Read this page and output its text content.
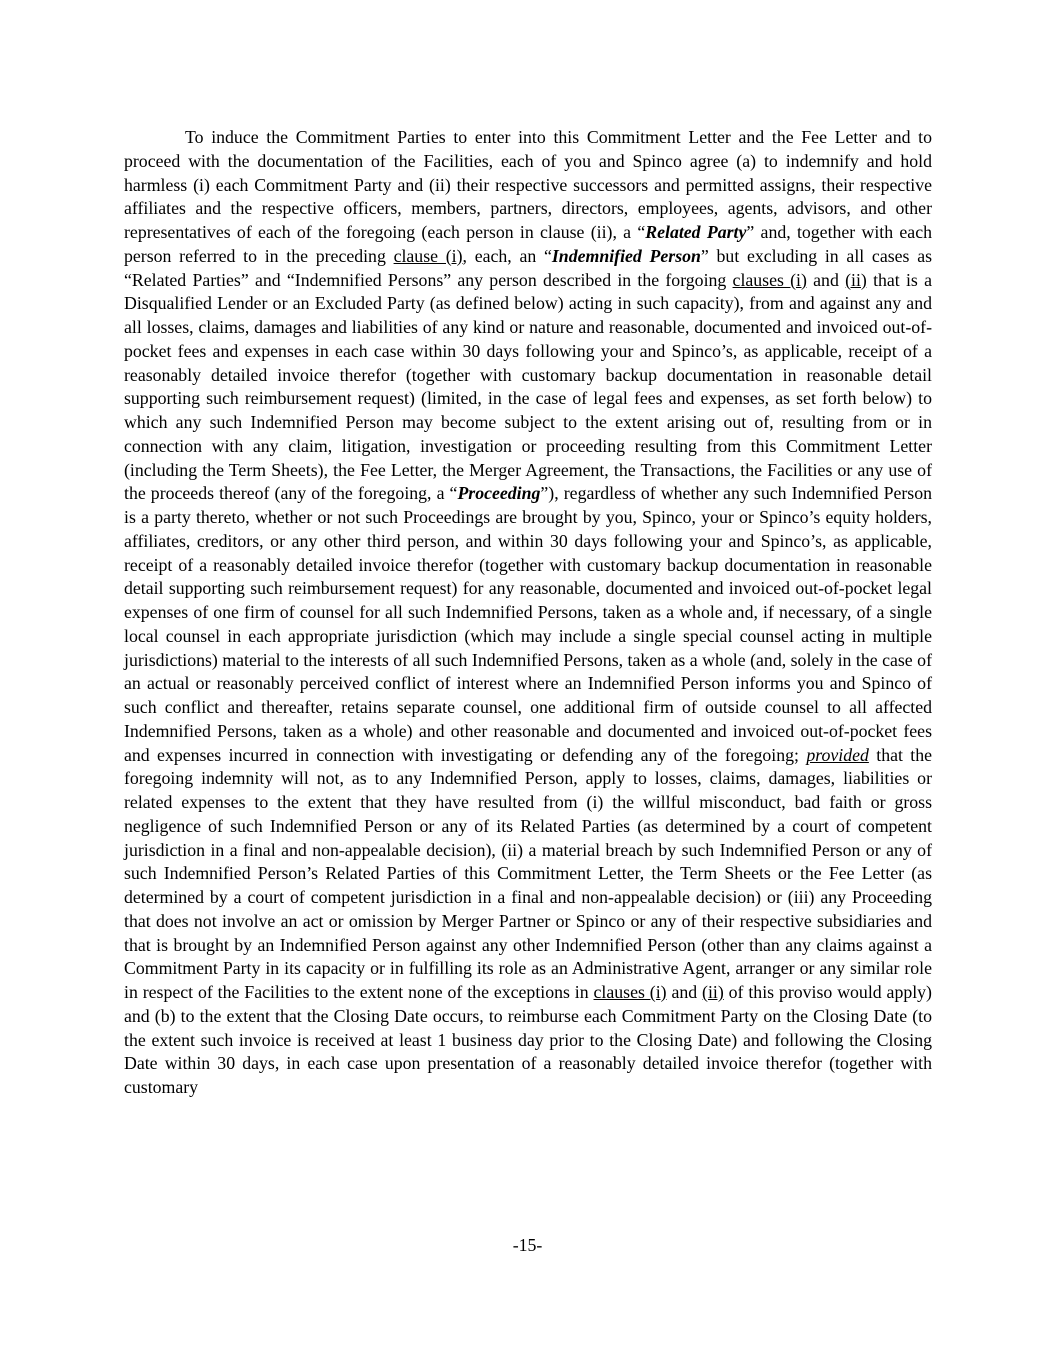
To induce the Commitment Parties to enter into this Commitment Letter and the Fee Letter and to proceed with the documentation of the Facilities, each of you and Spinco agree (a) to indemnify and hold harmless (i) each Commitment Party and (ii) their respective successors and permitted assigns, their respective affiliates and the respective officers, members, partners, directors, employees, agents, advisors, and other representatives of each of the foregoing (each person in clause (ii), a “Related Party” and, together with each person referred to in the preceding clause (i), each, an “Indemnified Person” but excluding in all cases as “Related Parties” and “Indemnified Persons” any person described in the forgoing clauses (i) and (ii) that is a Disqualified Lender or an Excluded Party (as defined below) acting in such capacity), from and against any and all losses, claims, damages and liabilities of any kind or nature and reasonable, documented and invoiced out-of-pocket fees and expenses in each case within 30 days following your and Spinco’s, as applicable, receipt of a reasonably detailed invoice therefor (together with customary backup documentation in reasonable detail supporting such reimbursement request) (limited, in the case of legal fees and expenses, as set forth below) to which any such Indemnified Person may become subject to the extent arising out of, resulting from or in connection with any claim, litigation, investigation or proceeding resulting from this Commitment Letter (including the Term Sheets), the Fee Letter, the Merger Agreement, the Transactions, the Facilities or any use of the proceeds thereof (any of the foregoing, a “Proceeding”), regardless of whether any such Indemnified Person is a party thereto, whether or not such Proceedings are brought by you, Spinco, your or Spinco’s equity holders, affiliates, creditors, or any other third person, and within 30 days following your and Spinco’s, as applicable, receipt of a reasonably detailed invoice therefor (together with customary backup documentation in reasonable detail supporting such reimbursement request) for any reasonable, documented and invoiced out-of-pocket legal expenses of one firm of counsel for all such Indemnified Persons, taken as a whole and, if necessary, of a single local counsel in each appropriate jurisdiction (which may include a single special counsel acting in multiple jurisdictions) material to the interests of all such Indemnified Persons, taken as a whole (and, solely in the case of an actual or reasonably perceived conflict of interest where an Indemnified Person informs you and Spinco of such conflict and thereafter, retains separate counsel, one additional firm of outside counsel to all affected Indemnified Persons, taken as a whole) and other reasonable and documented and invoiced out-of-pocket fees and expenses incurred in connection with investigating or defending any of the foregoing; provided that the foregoing indemnity will not, as to any Indemnified Person, apply to losses, claims, damages, liabilities or related expenses to the extent that they have resulted from (i) the willful misconduct, bad faith or gross negligence of such Indemnified Person or any of its Related Parties (as determined by a court of competent jurisdiction in a final and non-appealable decision), (ii) a material breach by such Indemnified Person or any of such Indemnified Person’s Related Parties of this Commitment Letter, the Term Sheets or the Fee Letter (as determined by a court of competent jurisdiction in a final and non-appealable decision) or (iii) any Proceeding that does not involve an act or omission by Merger Partner or Spinco or any of their respective subsidiaries and that is brought by an Indemnified Person against any other Indemnified Person (other than any claims against a Commitment Party in its capacity or in fulfilling its role as an Administrative Agent, arranger or any similar role in respect of the Facilities to the extent none of the exceptions in clauses (i) and (ii) of this proviso would apply) and (b) to the extent that the Closing Date occurs, to reimburse each Commitment Party on the Closing Date (to the extent such invoice is received at least 1 business day prior to the Closing Date) and following the Closing Date within 30 days, in each case upon presentation of a reasonably detailed invoice therefor (together with customary

-15-
